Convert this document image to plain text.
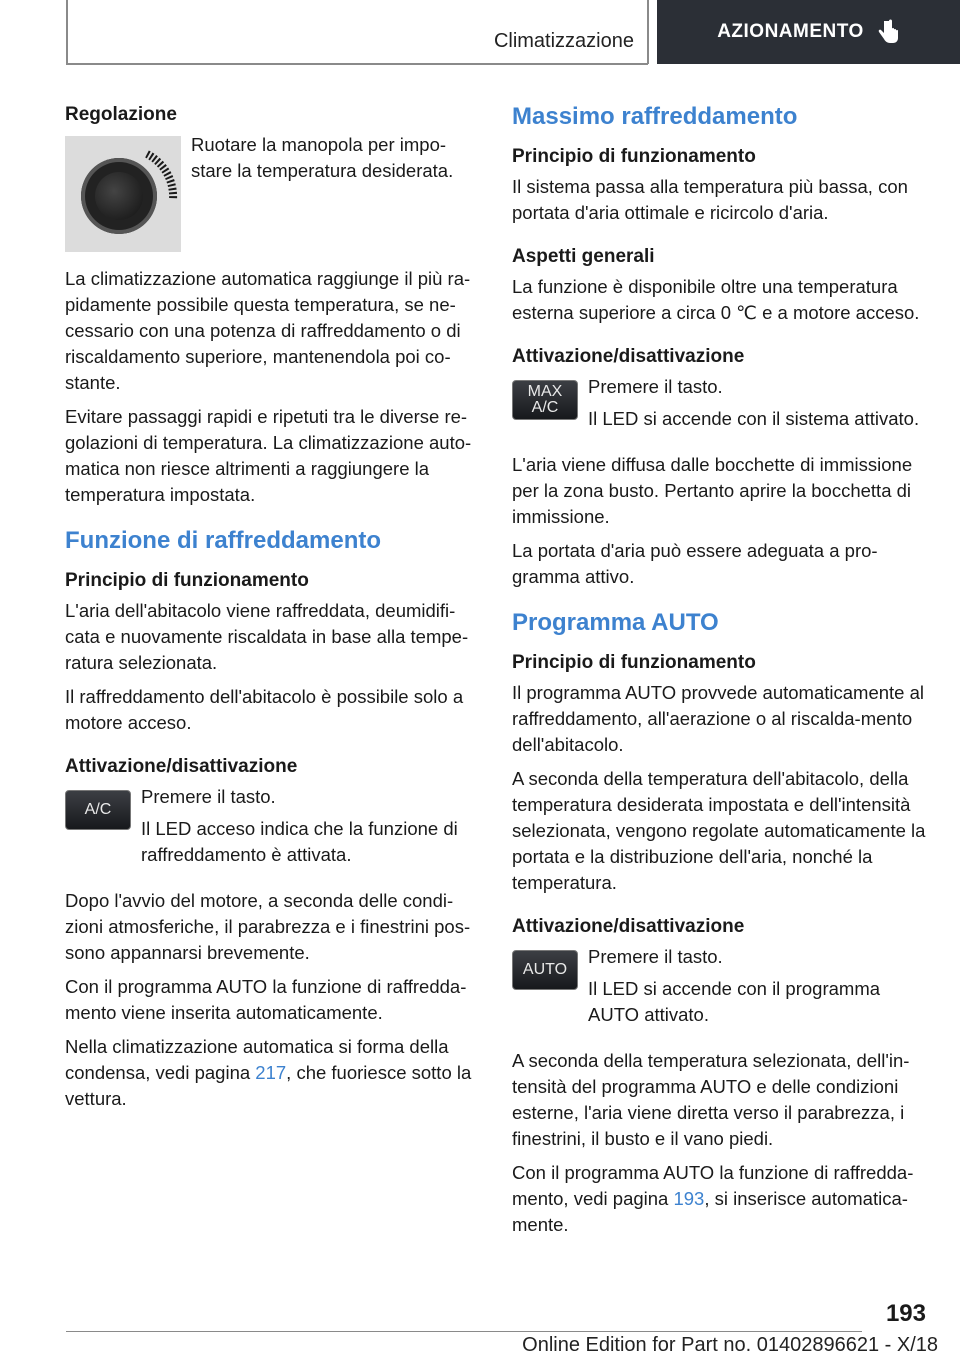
Climatizzazione	AZIONAMENTO
Regolazione

Ruotare la manopola per impo-stare la temperatura desiderata.

La climatizzazione automatica raggiunge il più ra-pidamente possibile questa temperatura, se ne-cessario con una potenza di raffreddamento o di riscaldamento superiore, mantenendola poi co-stante.

Evitare passaggi rapidi e ripetuti tra le diverse re-golazioni di temperatura. La climatizzazione auto-matica non riesce altrimenti a raggiungere la temperatura impostata.

Funzione di raffreddamento
Principio di funzionamento

L'aria dell'abitacolo viene raffreddata, deumidifi-cata e nuovamente riscaldata in base alla tempe-ratura selezionata.

Il raffreddamento dell'abitacolo è possibile solo a motore acceso.

Attivazione/disattivazione
A/C

Premere il tasto.

Il LED acceso indica che la funzione di raffreddamento è attivata.

Dopo l'avvio del motore, a seconda delle condi-zioni atmosferiche, il parabrezza e i finestrini pos-sono appannarsi brevemente.

Con il programma AUTO la funzione di raffredda-mento viene inserita automaticamente.

Nella climatizzazione automatica si forma della condensa, vedi pagina 217, che fuoriesce sotto la vettura.

Massimo raffreddamento
Principio di funzionamento

Il sistema passa alla temperatura più bassa, con portata d'aria ottimale e ricircolo d'aria.

Aspetti generali

La funzione è disponibile oltre una temperatura esterna superiore a circa 0 ℃ e a motore acceso.

Attivazione/disattivazione
MAX
A/C

Premere il tasto.

Il LED si accende con il sistema attivato.

L'aria viene diffusa dalle bocchette di immissione per la zona busto. Pertanto aprire la bocchetta di immissione.

La portata d'aria può essere adeguata a pro-gramma attivo.

Programma AUTO
Principio di funzionamento

Il programma AUTO provvede automaticamente al raffreddamento, all'aerazione o al riscalda-mento dell'abitacolo.

A seconda della temperatura dell'abitacolo, della temperatura desiderata impostata e dell'intensità selezionata, vengono regolate automaticamente la portata e la distribuzione dell'aria, nonché la temperatura.

Attivazione/disattivazione
AUTO

Premere il tasto.

Il LED si accende con il programma AUTO attivato.

A seconda della temperatura selezionata, dell'in-tensità del programma AUTO e delle condizioni esterne, l'aria viene diretta verso il parabrezza, i finestrini, il busto e il vano piedi.

Con il programma AUTO la funzione di raffredda-mento, vedi pagina 193, si inserisce automatica-mente.

193
Online Edition for Part no. 01402896621 - X/18
